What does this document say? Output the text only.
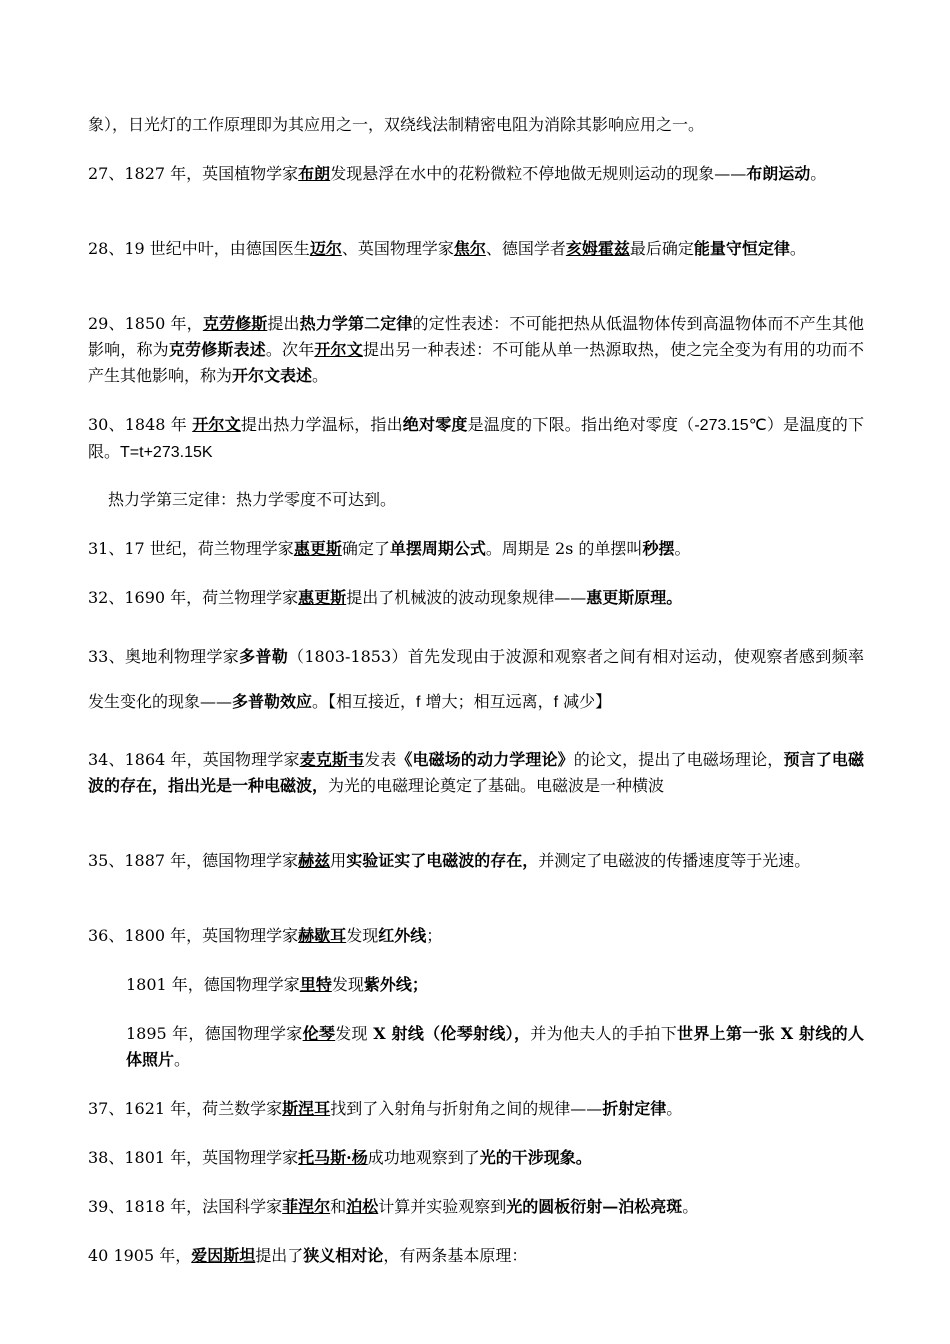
象），日光灯的工作原理即为其应用之一，双绕线法制精密电阻为消除其影响应用之一。

27、1827 年，英国植物学家布朗发现悬浮在水中的花粉微粒不停地做无规则运动的现象——布朗运动。

28、19 世纪中叶，由德国医生迈尔、英国物理学家焦尔、德国学者亥姆霍兹最后确定能量守恒定律。

29、1850 年，克劳修斯提出热力学第二定律的定性表述：不可能把热从低温物体传到高温物体而不产生其他影响，称为克劳修斯表述。次年开尔文提出另一种表述：不可能从单一热源取热，使之完全变为有用的功而不产生其他影响，称为开尔文表述。

30、1848 年 开尔文提出热力学温标，指出绝对零度是温度的下限。指出绝对零度（-273.15℃）是温度的下限。T=t+273.15K

热力学第三定律：热力学零度不可达到。

31、17 世纪，荷兰物理学家惠更斯确定了单摆周期公式。周期是 2s 的单摆叫秒摆。

32、1690 年，荷兰物理学家惠更斯提出了机械波的波动现象规律——惠更斯原理。

33、奥地利物理学家多普勒（1803-1853）首先发现由于波源和观察者之间有相对运动，使观察者感到频率发生变化的现象——多普勒效应。【相互接近，f 增大；相互远离，f 减少】

34、1864 年，英国物理学家麦克斯韦发表《电磁场的动力学理论》的论文，提出了电磁场理论，预言了电磁波的存在，指出光是一种电磁波，为光的电磁理论奠定了基础。电磁波是一种横波

35、1887 年，德国物理学家赫兹用实验证实了电磁波的存在，并测定了电磁波的传播速度等于光速。

36、1800 年，英国物理学家赫歇耳发现红外线；

1801 年，德国物理学家里特发现紫外线；

1895 年，德国物理学家伦琴发现 X 射线（伦琴射线），并为他夫人的手拍下世界上第一张 X 射线的人体照片。

37、1621 年，荷兰数学家斯涅耳找到了入射角与折射角之间的规律——折射定律。

38、1801 年，英国物理学家托马斯·杨成功地观察到了光的干涉现象。

39、1818 年，法国科学家菲涅尔和泊松计算并实验观察到光的圆板衍射—泊松亮斑。

40 1905 年，爱因斯坦提出了狭义相对论，有两条基本原理：
